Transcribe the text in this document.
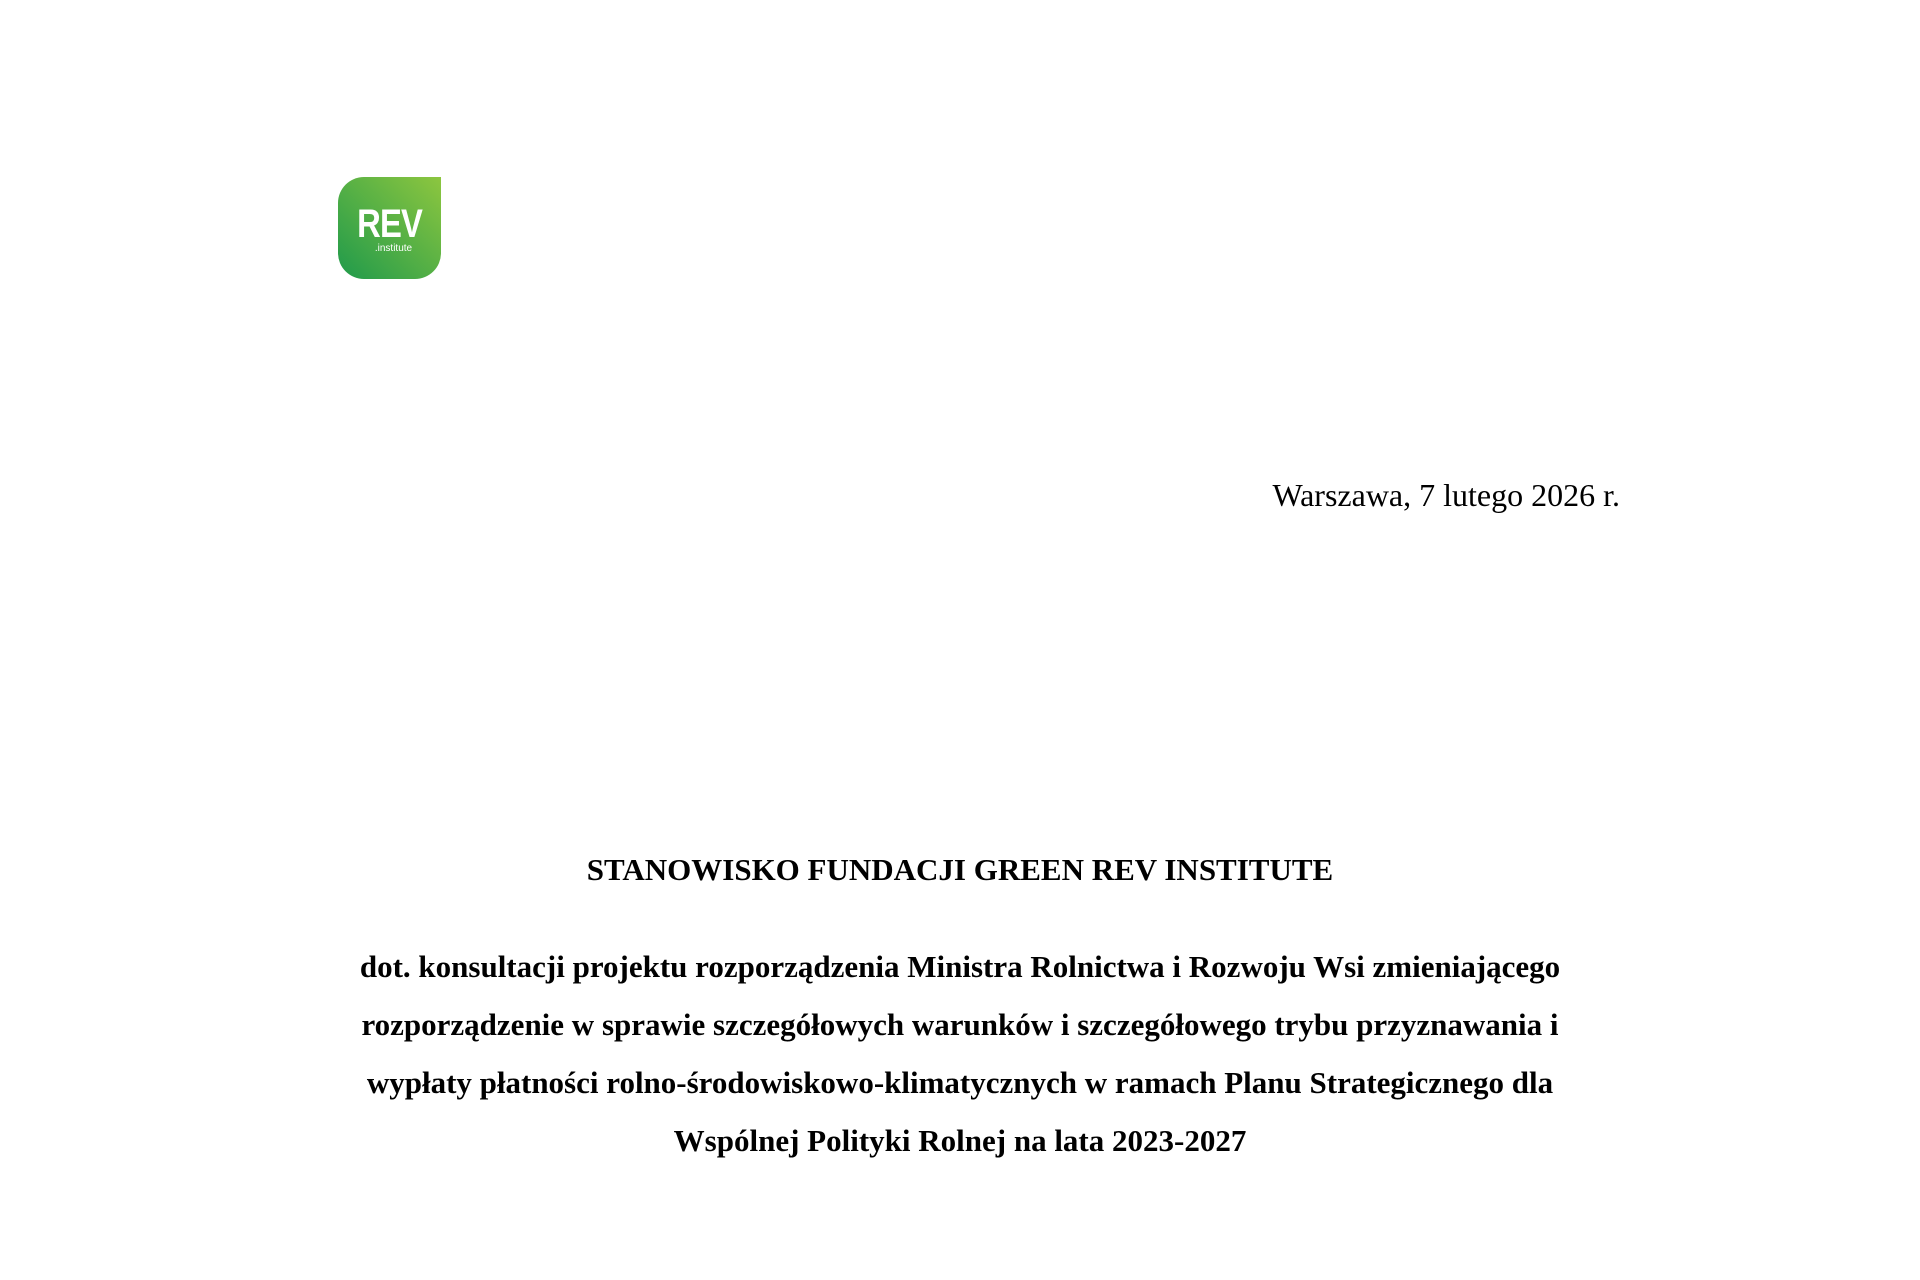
REV
.institute
Warszawa, 7 lutego 2026 r.
STANOWISKO FUNDACJI GREEN REV INSTITUTE
dot. konsultacji projektu rozporządzenia Ministra Rolnictwa i Rozwoju Wsi zmieniającego
rozporządzenie w sprawie szczegółowych warunków i szczegółowego trybu przyznawania i
wypłaty płatności rolno-środowiskowo-klimatycznych w ramach Planu Strategicznego dla
Wspólnej Polityki Rolnej na lata 2023-2027
